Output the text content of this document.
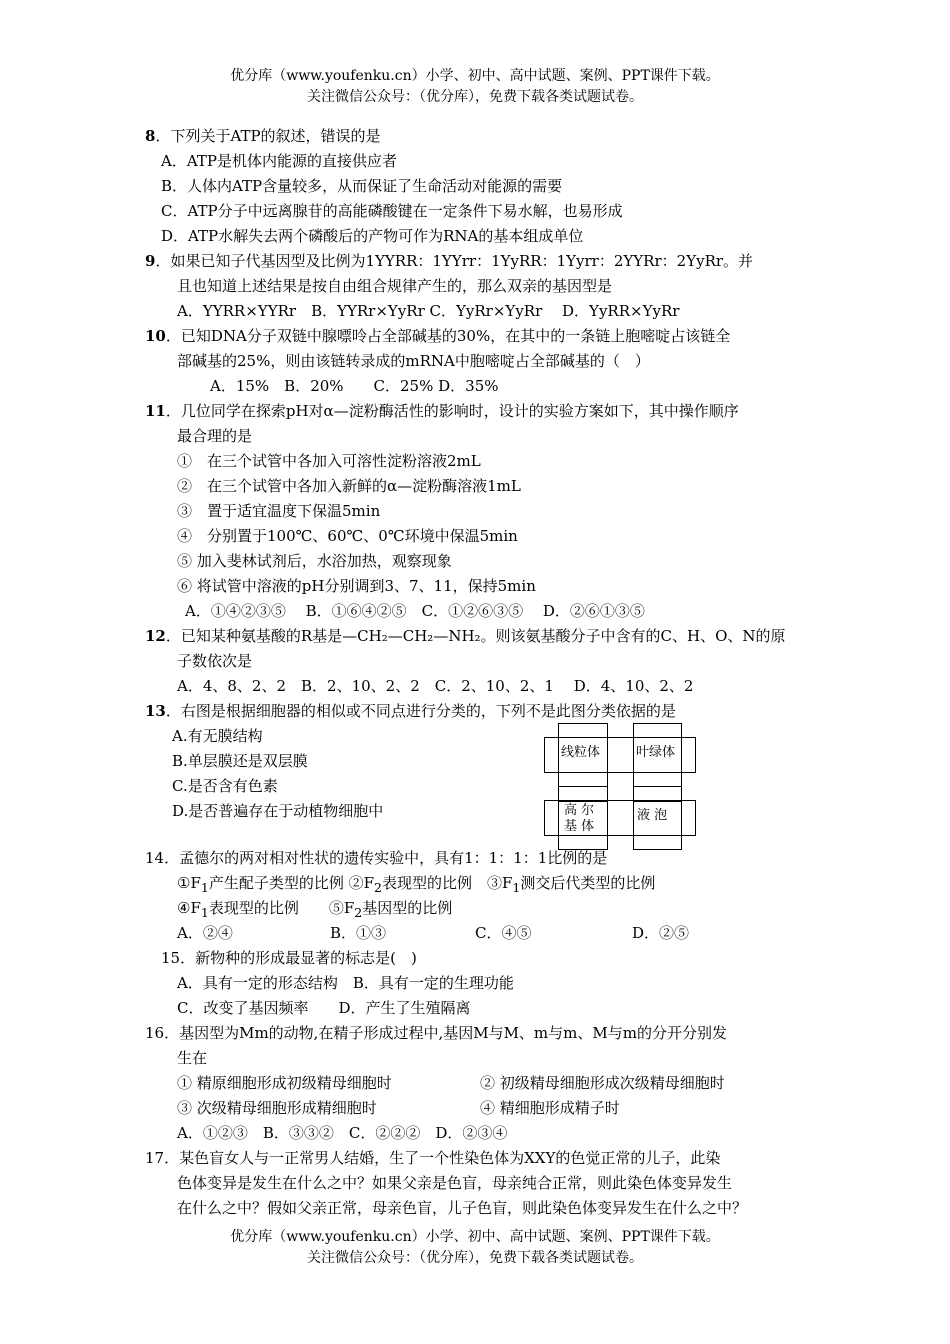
优分库（www.youfenku.cn）小学、初中、高中试题、案例、PPT课件下载。
关注微信公众号：（优分库），免费下载各类试题试卷。
8．下列关于ATP的叙述，错误的是
A．ATP是机体内能源的直接供应者
B．人体内ATP含量较多，从而保证了生命活动对能源的需要
C．ATP分子中远离腺苷的高能磷酸键在一定条件下易水解，也易形成
D．ATP水解失去两个磷酸后的产物可作为RNA的基本组成单位
9．如果已知子代基因型及比例为1YYRR：1YYrr：1YyRR：1Yyrr：2YYRr：2YyRr。并
且也知道上述结果是按自由组合规律产生的，那么双亲的基因型是
A．YYRR×YYRr　B．YYRr×YyRr C．YyRr×YyRr　 D．YyRR×YyRr
10．已知DNA分子双链中腺嘌呤占全部碱基的30%，在其中的一条链上胞嘧啶占该链全
部碱基的25%，则由该链转录成的mRNA中胞嘧啶占全部碱基的（　）
A．15%　B．20%　　C．25% D．35%
11．几位同学在探索pH对α—淀粉酶活性的影响时，设计的实验方案如下，其中操作顺序
最合理的是
①　在三个试管中各加入可溶性淀粉溶液2mL
②　在三个试管中各加入新鲜的α—淀粉酶溶液1mL
③　置于适宜温度下保温5min
④　分别置于100℃、60℃、0℃环境中保温5min
⑤ 加入斐林试剂后，水浴加热，观察现象
⑥ 将试管中溶液的pH分别调到3、7、11，保持5min
A．①④②③⑤　 B．①⑥④②⑤　C．①②⑥③⑤　 D．②⑥①③⑤
12．已知某种氨基酸的R基是—CH₂—CH₂—NH₂。则该氨基酸分子中含有的C、H、O、N的原
子数依次是
A．4、8、2、2　B．2、10、2、2　C．2、10、2、1　 D．4、10、2、2
13．右图是根据细胞器的相似或不同点进行分类的，下列不是此图分类依据的是
A.有无膜结构
B.单层膜还是双层膜
C.是否含有色素
D.是否普遍存在于动植物细胞中
线粒体	叶绿体
高 尔
基 体
液 泡
14．孟德尔的两对相对性状的遗传实验中，具有1：1：1：1比例的是
$①F_1$产生配子类型的比例 $②F_2$表现型的比例　$③F_1$测交后代类型的比例
$④F_1$表现型的比例　　$⑤F_2$基因型的比例
A．②④	B．①③	C．④⑤	D．②⑤
15．新物种的形成最显著的标志是(　)
A．具有一定的形态结构　B．具有一定的生理功能
C．改变了基因频率　　D．产生了生殖隔离
16．基因型为Mm的动物,在精子形成过程中,基因M与M、m与m、M与m的分开分别发
生在
① 精原细胞形成初级精母细胞时	② 初级精母细胞形成次级精母细胞时
③ 次级精母细胞形成精细胞时	④ 精细胞形成精子时
A．①②③　B．③③②　C．②②②　D．②③④
17．某色盲女人与一正常男人结婚，生了一个性染色体为XXY的色觉正常的儿子，此染
色体变异是发生在什么之中？如果父亲是色盲，母亲纯合正常，则此染色体变异发生
在什么之中？假如父亲正常，母亲色盲，儿子色盲，则此染色体变异发生在什么之中？
优分库（www.youfenku.cn）小学、初中、高中试题、案例、PPT课件下载。
关注微信公众号：（优分库），免费下载各类试题试卷。
